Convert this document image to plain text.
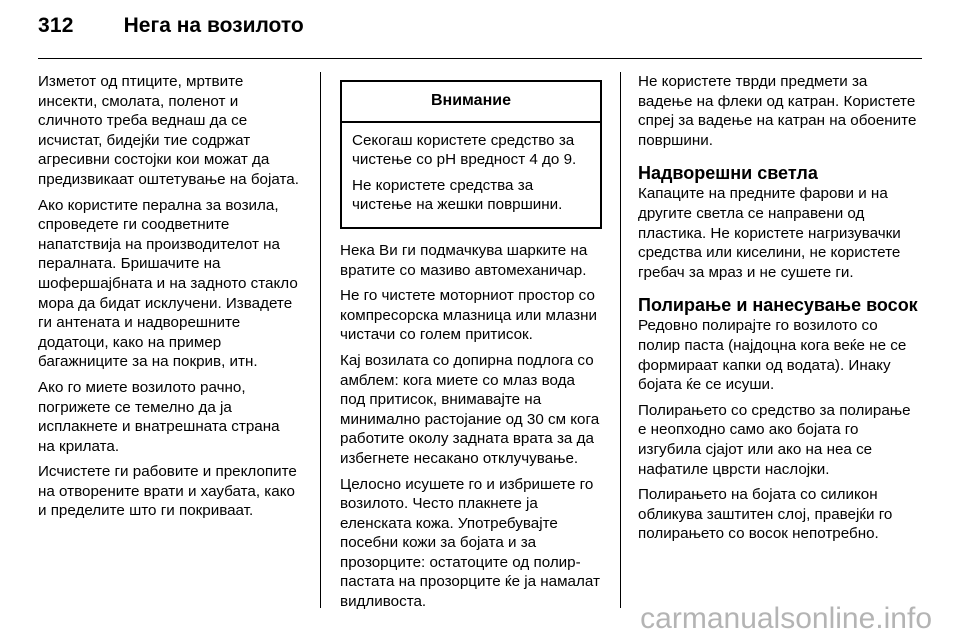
312 Нега на возилото

Изметот од птиците, мртвите инсекти, смолата, поленот и сличното треба веднаш да се исчистат, бидејќи тие содржат агресивни состојки кои можат да предизвикаат оштетување на бојата.

Ако користите перална за возила, спроведете ги соодветните напатствија на производителот на пералната. Бришачите на шофершајбната и на задното стакло мора да бидат исклучени. Извадете ги антената и надворешните додатоци, како на пример багажниците за на покрив, итн.

Ако го миете возилото рачно, погрижете се темелно да ја исплакнете и внатрешната страна на крилата.

Исчистете ги рабовите и преклопите на отворените врати и хаубата, како и пределите што ги покриваат.

Внимание

Секогаш користете средство за чистење со pH вредност 4 до 9.

Не користете средства за чистење на жешки површини.

Нека Ви ги подмачкува шарките на вратите со мазиво автомеханичар.

Не го чистете моторниот простор со компресорска млазница или млазни чистачи со голем притисок.

Кај возилата со допирна подлога со амблем: кога миете со млаз вода под притисок, внимавајте на минимално растојание од 30 см кога работите околу задната врата за да избегнете несакано отклучување.

Целосно исушете го и избришете го возилото. Често плакнете ја еленската кожа. Употребувајте посебни кожи за бојата и за прозорците: остатоците од полир-пастата на прозорците ќе ја намалат видливоста.

Не користете тврди предмети за вадење на флеки од катран. Користете спреј за вадење на катран на обоените површини.

Надворешни светла

Капаците на предните фарови и на другите светла се направени од пластика. Не користете нагризувачки средства или киселини, не користете гребач за мраз и не сушете ги.

Полирање и нанесување восок

Редовно полирајте го возилото со полир паста (најдоцна кога веќе не се формираат капки од водата). Инаку бојата ќе се исуши.

Полирањето со средство за полирање е неопходно само ако бојата го изгубила сјајот или ако на неа се нафатиле цврсти наслојки.

Полирањето на бојата со силикон обликува заштитен слој, правејќи го полирањето со восок непотребно.

carmanualsonline.info
